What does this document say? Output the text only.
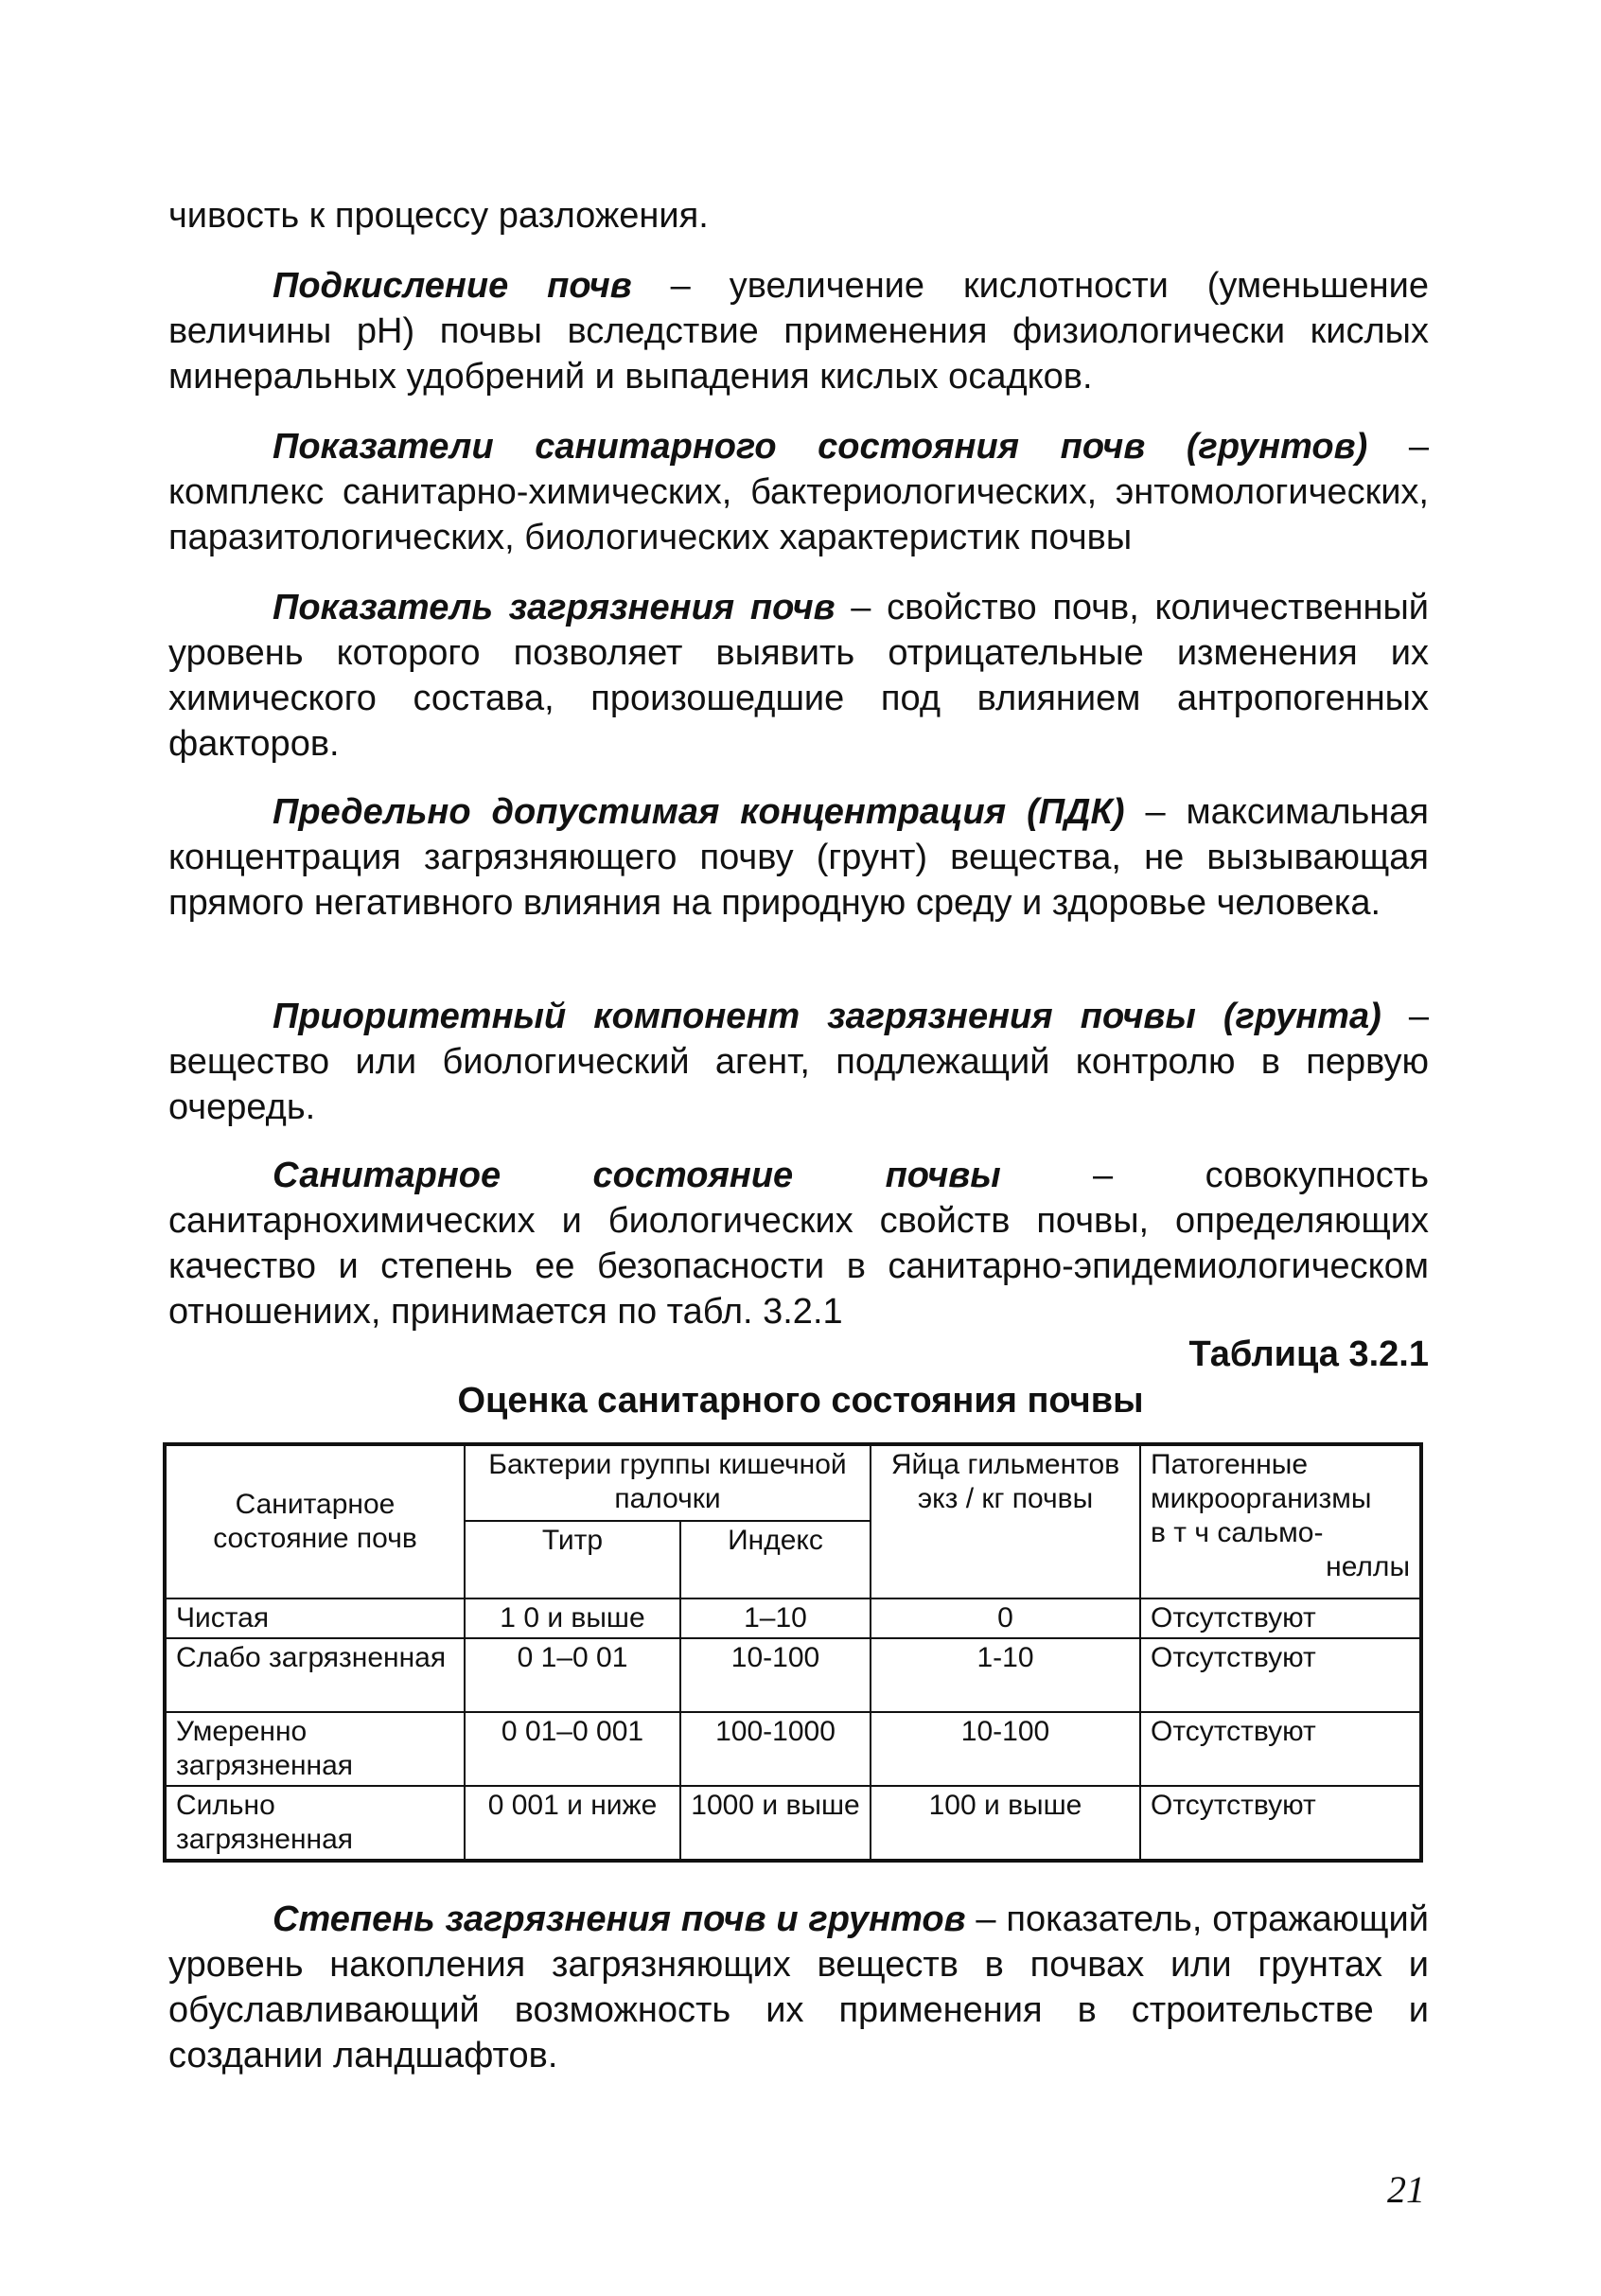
чивость к процессу разложения.

Подкисление почв – увеличение кислотности (уменьшение величины pH) почвы вследствие применения физиологически кислых минеральных удобрений и выпадения кислых осадков.

Показатели санитарного состояния почв (грунтов) – комплекс санитарно-химических, бактериологических, энтомологических, паразитологических, биологических характеристик почвы

Показатель загрязнения почв – свойство почв, количественный уровень которого позволяет выявить отрицательные изменения их химического состава, произошедшие под влиянием антропогенных факторов.

Предельно допустимая концентрация (ПДК) – максимальная концентрация загрязняющего почву (грунт) вещества, не вызывающая прямого негативного влияния на природную среду и здоровье человека.

Приоритетный компонент загрязнения почвы (грунта) – вещество или биологический агент, подлежащий контролю в первую очередь.

Санитарное состояние почвы – совокупность санитарнохимических и биологических свойств почвы, определяющих качество и степень ее безопасности в санитарно-эпидемиологическом отношениих, принимается по табл. 3.2.1

Таблица 3.2.1
Оценка санитарного состояния почвы
Санитарное состояние почв	Бактерии группы кишечной палочки		Яйца гильментов экз / кг почвы	Патогенные микроорганизмы
в т ч сальмо-
неллы

	Титр	Индекс		
Чистая	1 0 и выше	1–10	0	Отсутствуют
Слабо загрязненная	0 1–0 01	10-100	1-10	Отсутствуют
Умеренно загрязненная	0 01–0 001	100-1000	10-100	Отсутствуют
Сильно загрязненная	0 001 и ниже	1000 и выше	100 и выше	Отсутствуют

Степень загрязнения почв и грунтов – показатель, отражающий уровень накопления загрязняющих веществ в почвах или грунтах и обуславливающий возможность их применения в строительстве и создании ландшафтов.

21
